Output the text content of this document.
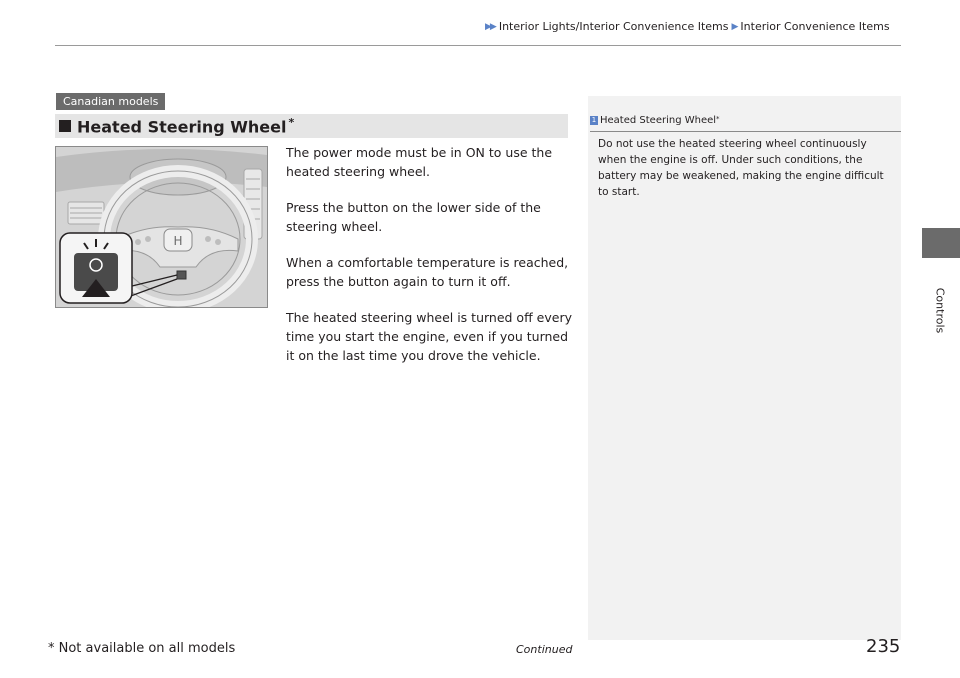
▶▶ Interior Lights/Interior Convenience Items ▶ Interior Convenience Items
Controls
Canadian models
Heated Steering Wheel *
H

The power mode must be in ON to use the heated steering wheel.

Press the button on the lower side of the steering wheel.

When a comfortable temperature is reached, press the button again to turn it off.

The heated steering wheel is turned off every time you start the engine, even if you turned it on the last time you drove the vehicle.

1 Heated Steering Wheel *
Do not use the heated steering wheel continuously when the engine is off. Under such conditions, the battery may be weakened, making the engine difficult to start.
* Not available on all models	Continued	235
